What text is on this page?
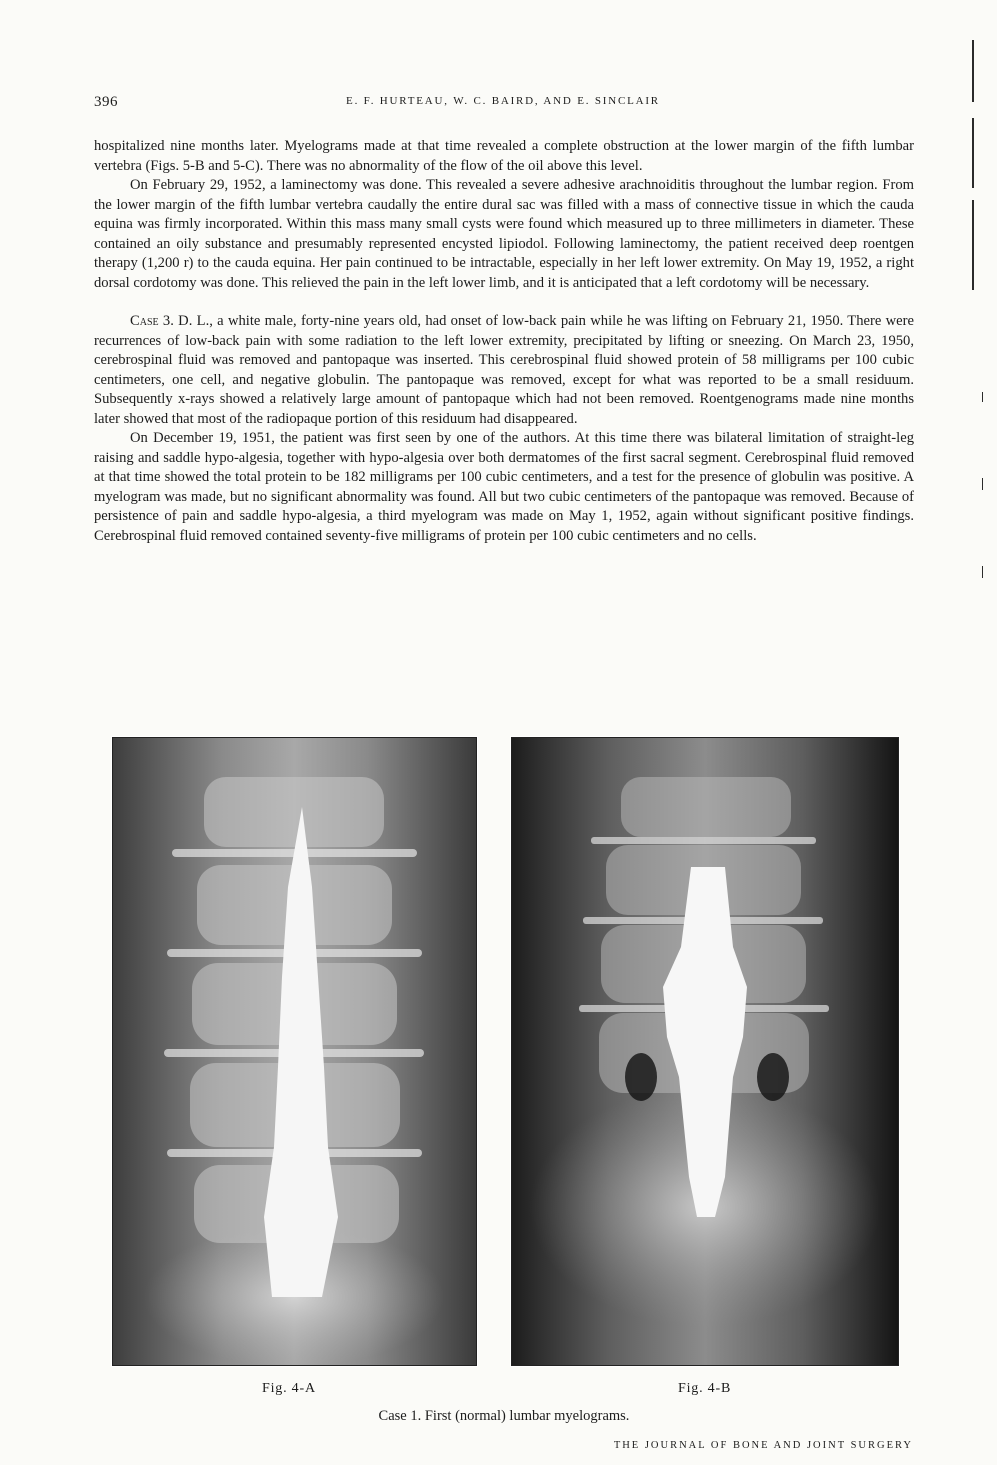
396	E. F. HURTEAU, W. C. BAIRD, AND E. SINCLAIR

hospitalized nine months later. Myelograms made at that time revealed a complete obstruction at the lower margin of the fifth lumbar vertebra (Figs. 5-B and 5-C). There was no abnormality of the flow of the oil above this level.

On February 29, 1952, a laminectomy was done. This revealed a severe adhesive arachnoiditis throughout the lumbar region. From the lower margin of the fifth lumbar vertebra caudally the entire dural sac was filled with a mass of connective tissue in which the cauda equina was firmly incorporated. Within this mass many small cysts were found which measured up to three millimeters in diameter. These contained an oily substance and presumably represented encysted lipiodol. Following laminectomy, the patient received deep roentgen therapy (1,200 r) to the cauda equina. Her pain continued to be intractable, especially in her left lower extremity. On May 19, 1952, a right dorsal cordotomy was done. This relieved the pain in the left lower limb, and it is anticipated that a left cordotomy will be necessary.

Case 3. D. L., a white male, forty-nine years old, had onset of low-back pain while he was lifting on February 21, 1950. There were recurrences of low-back pain with some radiation to the left lower extremity, precipitated by lifting or sneezing. On March 23, 1950, cerebrospinal fluid was removed and pantopaque was inserted. This cerebrospinal fluid showed protein of 58 milligrams per 100 cubic centimeters, one cell, and negative globulin. The pantopaque was removed, except for what was reported to be a small residuum. Subsequently x-rays showed a relatively large amount of pantopaque which had not been removed. Roentgenograms made nine months later showed that most of the radiopaque portion of this residuum had disappeared.

On December 19, 1951, the patient was first seen by one of the authors. At this time there was bilateral limitation of straight-leg raising and saddle hypo-algesia, together with hypo-algesia over both dermatomes of the first sacral segment. Cerebrospinal fluid removed at that time showed the total protein to be 182 milligrams per 100 cubic centimeters, and a test for the presence of globulin was positive. A myelogram was made, but no significant abnormality was found. All but two cubic centimeters of the pantopaque was removed. Because of persistence of pain and saddle hypo-algesia, a third myelogram was made on May 1, 1952, again without significant positive findings. Cerebrospinal fluid removed contained seventy-five milligrams of protein per 100 cubic centimeters and no cells.

Fig. 4-A	Fig. 4-B
Case 1. First (normal) lumbar myelograms.
THE JOURNAL OF BONE AND JOINT SURGERY
